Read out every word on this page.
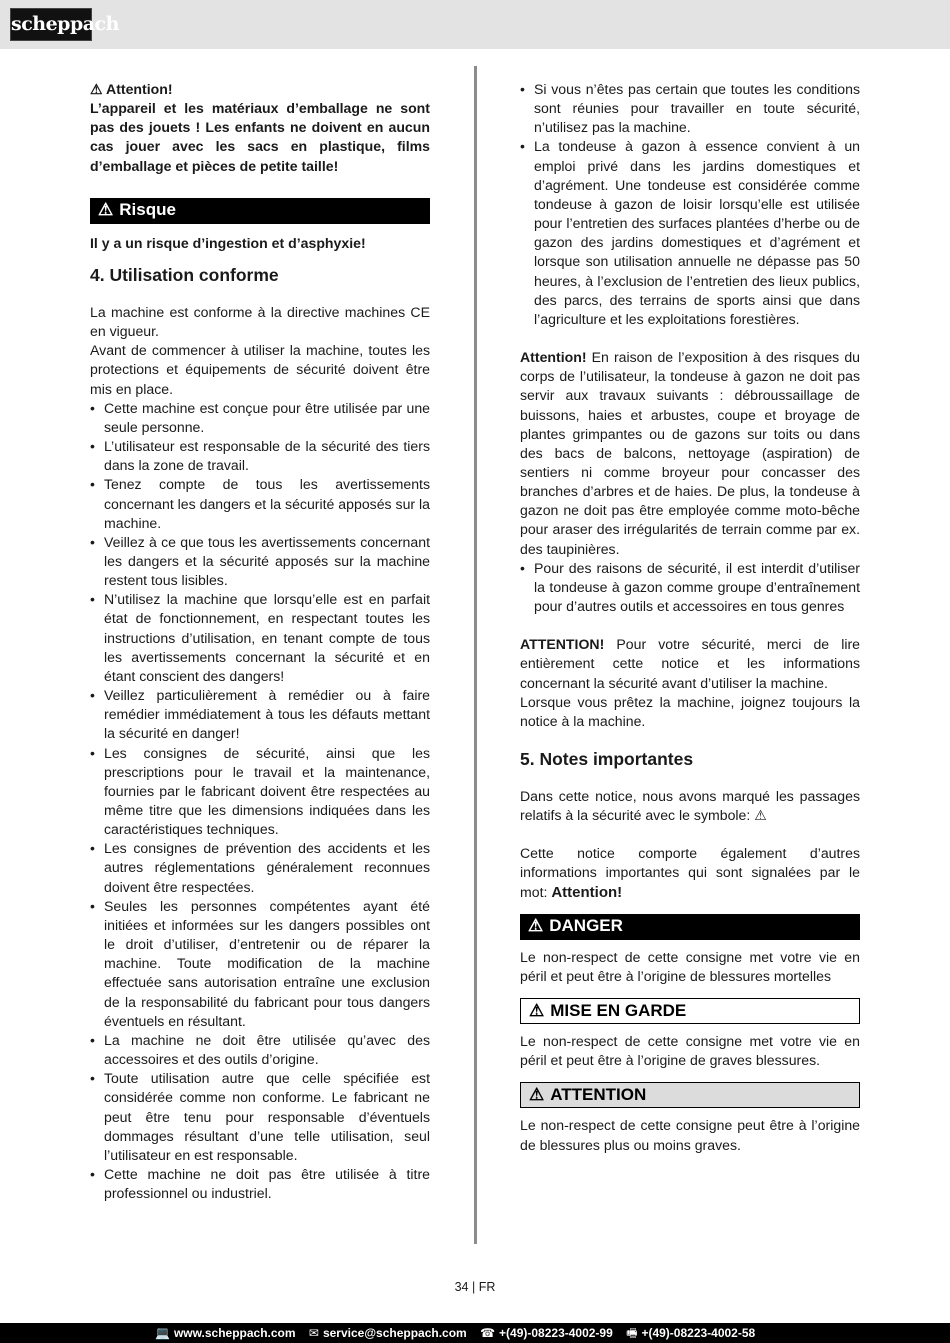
scheppach

⚠ Attention!

L’appareil et les matériaux d’emballage ne sont pas des jouets ! Les enfants ne doivent en aucun cas jouer avec les sacs en plastique, films d’emballage et pièces de petite taille!

⚠ Risque

Il y a un risque d’ingestion et d’asphyxie!

4. Utilisation conforme

La machine est conforme à la directive machines CE en vigueur.

Avant de commencer à utiliser la machine, toutes les protections et équipements de sécurité doivent être mis en place.

• Cette machine est conçue pour être utilisée par une seule personne.
• L’utilisateur est responsable de la sécurité des tiers dans la zone de travail.
• Tenez compte de tous les avertissements concernant les dangers et la sécurité apposés sur la machine.
• Veillez à ce que tous les avertissements concernant les dangers et la sécurité apposés sur la machine restent tous lisibles.
• N’utilisez la machine que lorsqu’elle est en parfait état de fonctionnement, en respectant toutes les instructions d’utilisation, en tenant compte de tous les avertissements concernant la sécurité et en étant conscient des dangers!
• Veillez particulièrement à remédier ou à faire remédier immédiatement à tous les défauts mettant la sécurité en danger!
• Les consignes de sécurité, ainsi que les prescriptions pour le travail et la maintenance, fournies par le fabricant doivent être respectées au même titre que les dimensions indiquées dans les caractéristiques techniques.
• Les consignes de prévention des accidents et les autres réglementations généralement reconnues doivent être respectées.
• Seules les personnes compétentes ayant été initiées et informées sur les dangers possibles ont le droit d’utiliser, d’entretenir ou de réparer la machine. Toute modification de la machine effectuée sans autorisation entraîne une exclusion de la responsabilité du fabricant pour tous dangers éventuels en résultant.
• La machine ne doit être utilisée qu’avec des accessoires et des outils d’origine.
• Toute utilisation autre que celle spécifiée est considérée comme non conforme. Le fabricant ne peut être tenu pour responsable d’éventuels dommages résultant d’une telle utilisation, seul l’utilisateur en est responsable.
• Cette machine ne doit pas être utilisée à titre professionnel ou industriel.
• Si vous n’êtes pas certain que toutes les conditions sont réunies pour travailler en toute sécurité, n’utilisez pas la machine.
• La tondeuse à gazon à essence convient à un emploi privé dans les jardins domestiques et d’agrément. Une tondeuse est considérée comme tondeuse à gazon de loisir lorsqu’elle est utilisée pour l’entretien des surfaces plantées d’herbe ou de gazon des jardins domestiques et d’agrément et lorsque son utilisation annuelle ne dépasse pas 50 heures, à l’exclusion de l’entretien des lieux publics, des parcs, des terrains de sports ainsi que dans l’agriculture et les exploitations forestières.

Attention! En raison de l’exposition à des risques du corps de l’utilisateur, la tondeuse à gazon ne doit pas servir aux travaux suivants : débroussaillage de buissons, haies et arbustes, coupe et broyage de plantes grimpantes ou de gazons sur toits ou dans des bacs de balcons, nettoyage (aspiration) de sentiers ni comme broyeur pour concasser des branches d’arbres et de haies. De plus, la tondeuse à gazon ne doit pas être employée comme moto-bêche pour araser des irrégularités de terrain comme par ex. des taupinières.

• Pour des raisons de sécurité, il est interdit d’utiliser la tondeuse à gazon comme groupe d’entraînement pour d’autres outils et accessoires en tous genres

ATTENTION! Pour votre sécurité, merci de lire entièrement cette notice et les informations concernant la sécurité avant d’utiliser la machine.

Lorsque vous prêtez la machine, joignez toujours la notice à la machine.

5. Notes importantes

Dans cette notice, nous avons marqué les passages relatifs à la sécurité avec le symbole: ⚠

Cette notice comporte également d’autres informations importantes qui sont signalées par le mot: Attention!

⚠ DANGER

Le non-respect de cette consigne met votre vie en péril et peut être à l’origine de blessures mortelles

⚠ MISE EN GARDE

Le non-respect de cette consigne met votre vie en péril et peut être à l’origine de graves blessures.

⚠ ATTENTION

Le non-respect de cette consigne peut être à l’origine de blessures plus ou moins graves.

34 | FR
💻 www.scheppach.com ✉ service@scheppach.com ☎ +(49)-08223-4002-99 🖷 +(49)-08223-4002-58
